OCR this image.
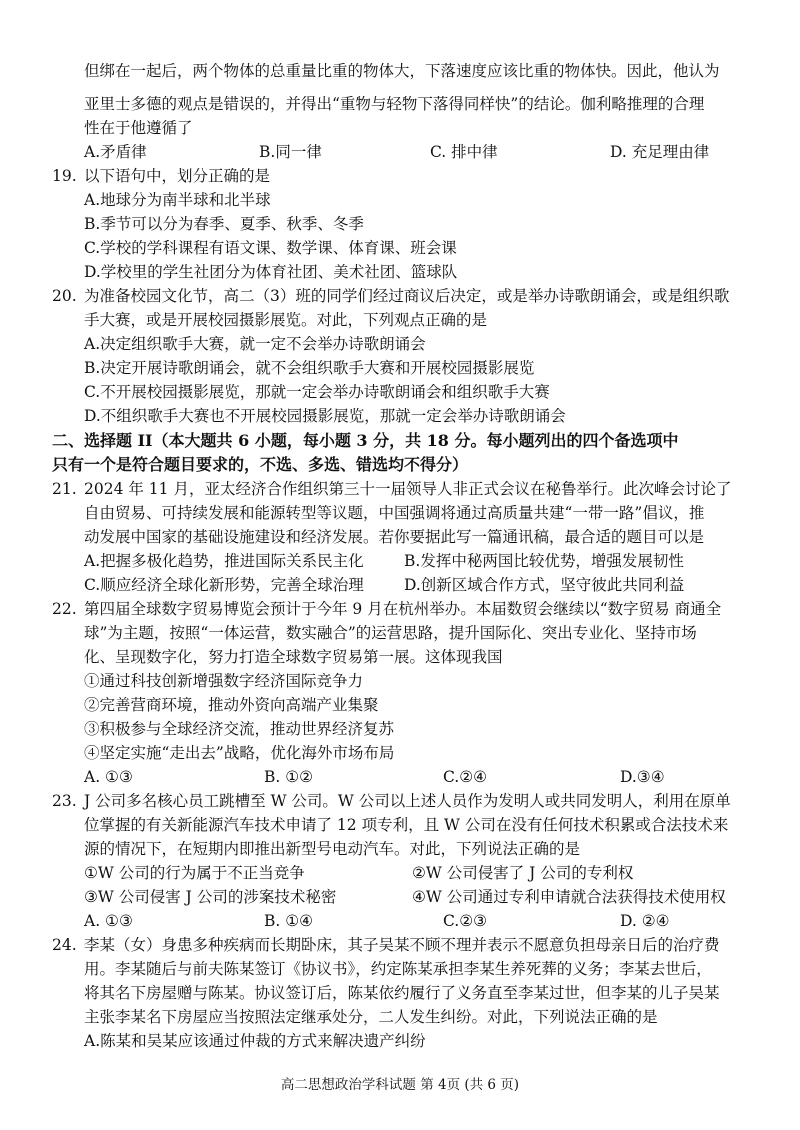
但绑在一起后，两个物体的总重量比重的物体大，下落速度应该比重的物体快。因此，他认为
亚里士多德的观点是错误的，并得出“重物与轻物下落得同样快”的结论。伽利略推理的合理
性在于他遵循了
A.矛盾律	B.同一律	C. 排中律	D. 充足理由律
19. 以下语句中，划分正确的是
A.地球分为南半球和北半球
B.季节可以分为春季、夏季、秋季、冬季
C.学校的学科课程有语文课、数学课、体育课、班会课
D.学校里的学生社团分为体育社团、美术社团、篮球队
20. 为准备校园文化节，高二（3）班的同学们经过商议后决定，或是举办诗歌朗诵会，或是组织歌
手大赛，或是开展校园摄影展览。对此，下列观点正确的是
A.决定组织歌手大赛，就一定不会举办诗歌朗诵会
B.决定开展诗歌朗诵会，就不会组织歌手大赛和开展校园摄影展览
C.不开展校园摄影展览，那就一定会举办诗歌朗诵会和组织歌手大赛
D.不组织歌手大赛也不开展校园摄影展览，那就一定会举办诗歌朗诵会
二、选择题 II（本大题共 6 小题，每小题 3 分，共 18 分。每小题列出的四个备选项中
只有一个是符合题目要求的，不选、多选、错选均不得分）
21. 2024 年 11 月，亚太经济合作组织第三十一届领导人非正式会议在秘鲁举行。此次峰会讨论了
自由贸易、可持续发展和能源转型等议题，中国强调将通过高质量共建“一带一路”倡议，推
动发展中国家的基础设施建设和经济发展。若你要据此写一篇通讯稿，最合适的题目可以是
A.把握多极化趋势，推进国际关系民主化	B.发挥中秘两国比较优势，增强发展韧性
C.顺应经济全球化新形势，完善全球治理	D.创新区域合作方式，坚守彼此共同利益
22. 第四届全球数字贸易博览会预计于今年 9 月在杭州举办。本届数贸会继续以“数字贸易 商通全
球”为主题，按照“一体运营，数实融合”的运营思路，提升国际化、突出专业化、坚持市场
化、呈现数字化，努力打造全球数字贸易第一展。这体现我国
①通过科技创新增强数字经济国际竞争力
②完善营商环境，推动外资向高端产业集聚
③积极参与全球经济交流，推动世界经济复苏
④坚定实施“走出去”战略，优化海外市场布局
A. ①③	B. ①②	C.②④	D.③④
23. J 公司多名核心员工跳槽至 W 公司。W 公司以上述人员作为发明人或共同发明人，利用在原单
位掌握的有关新能源汽车技术申请了 12 项专利，且 W 公司在没有任何技术积累或合法技术来
源的情况下，在短期内即推出新型号电动汽车。对此，下列说法正确的是
①W 公司的行为属于不正当竞争	②W 公司侵害了 J 公司的专利权
③W 公司侵害 J 公司的涉案技术秘密	④W 公司通过专利申请就合法获得技术使用权
A. ①③	B. ①④	C.②③	D. ②④
24. 李某（女）身患多种疾病而长期卧床，其子吴某不顾不理并表示不愿意负担母亲日后的治疗费
用。李某随后与前夫陈某签订《协议书》，约定陈某承担李某生养死葬的义务；李某去世后，
将其名下房屋赠与陈某。协议签订后，陈某依约履行了义务直至李某过世，但李某的儿子吴某
主张李某名下房屋应当按照法定继承处分，二人发生纠纷。对此，下列说法正确的是
A.陈某和吴某应该通过仲裁的方式来解决遗产纠纷
高二思想政治学科试题 第 4页 (共 6 页)
